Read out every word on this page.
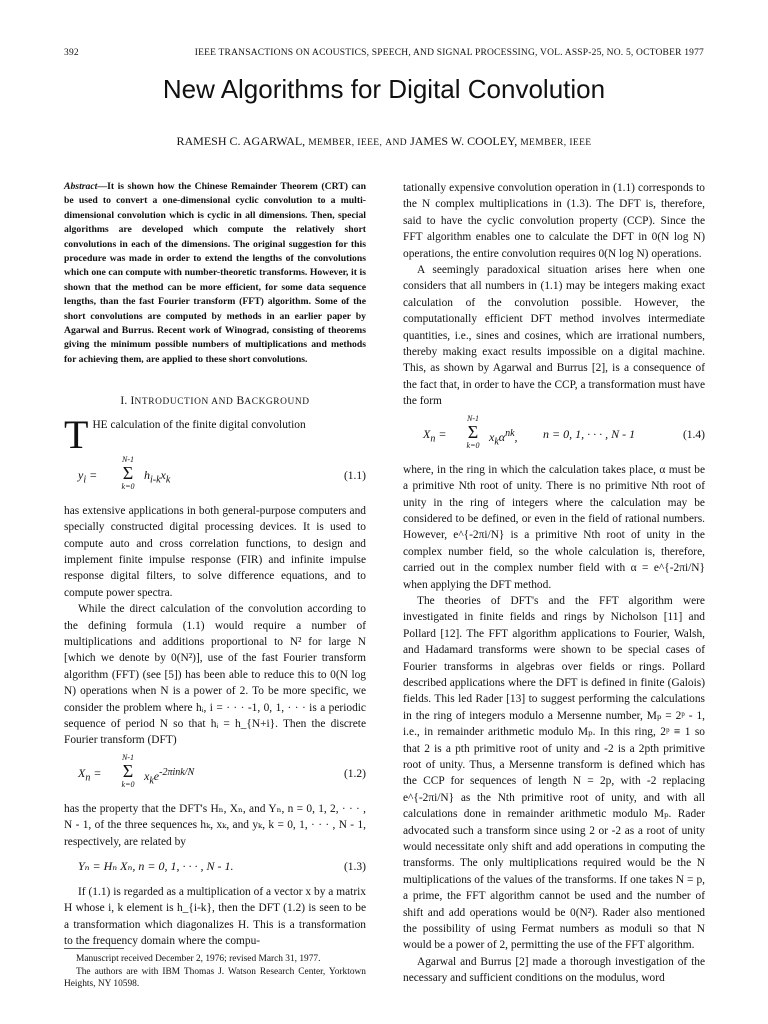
392	IEEE TRANSACTIONS ON ACOUSTICS, SPEECH, AND SIGNAL PROCESSING, VOL. ASSP-25, NO. 5, OCTOBER 1977
New Algorithms for Digital Convolution
RAMESH C. AGARWAL, MEMBER, IEEE, AND JAMES W. COOLEY, MEMBER, IEEE

Abstract—It is shown how the Chinese Remainder Theorem (CRT) can be used to convert a one-dimensional cyclic convolution to a multi-dimensional convolution which is cyclic in all dimensions. Then, special algorithms are developed which compute the relatively short convolutions in each of the dimensions. The original suggestion for this procedure was made in order to extend the lengths of the convolutions which one can compute with number-theoretic transforms. However, it is shown that the method can be more efficient, for some data sequence lengths, than the fast Fourier transform (FFT) algorithm. Some of the short convolutions are computed by methods in an earlier paper by Agarwal and Burrus. Recent work of Winograd, consisting of theorems giving the minimum possible numbers of multiplications and methods for achieving them, are applied to these short convolutions.

I. INTRODUCTION AND BACKGROUND
T HE calculation of the finite digital convolution

$y_i$ =
N-1
Σ
k=0
$h_{i-k}x_k$	(1.1)

has extensive applications in both general-purpose computers and specially constructed digital processing devices. It is used to compute auto and cross correlation functions, to design and implement finite impulse response (FIR) and infinite impulse response digital filters, to solve difference equations, and to compute power spectra.

While the direct calculation of the convolution according to the defining formula (1.1) would require a number of multiplications and additions proportional to N² for large N [which we denote by 0(N²)], use of the fast Fourier transform algorithm (FFT) (see [5]) has been able to reduce this to 0(N log N) operations when N is a power of 2. To be more specific, we consider the problem where hᵢ, i = · · · -1, 0, 1, · · · is a periodic sequence of period N so that hᵢ = h_{N+i}. Then the discrete Fourier transform (DFT)

$X_n$ =
N-1
Σ
k=0
$x_ke^{-2\pi ink/N}$	(1.2)

has the property that the DFT's Hₙ, Xₙ, and Yₙ, n = 0, 1, 2, · · · , N - 1, of the three sequences hₖ, xₖ, and yₖ, k = 0, 1, · · · , N - 1, respectively, are related by

Yₙ = Hₙ Xₙ, n = 0, 1, · · · , N - 1.	(1.3)

If (1.1) is regarded as a multiplication of a vector x by a matrix H whose i, k element is h_{i-k}, then the DFT (1.2) is seen to be a transformation which diagonalizes H. This is a transformation to the frequency domain where the compu-

Manuscript received December 2, 1976; revised March 31, 1977.

The authors are with IBM Thomas J. Watson Research Center, Yorktown Heights, NY 10598.

tationally expensive convolution operation in (1.1) corresponds to the N complex multiplications in (1.3). The DFT is, therefore, said to have the cyclic convolution property (CCP). Since the FFT algorithm enables one to calculate the DFT in 0(N log N) operations, the entire convolution requires 0(N log N) operations.

A seemingly paradoxical situation arises here when one considers that all numbers in (1.1) may be integers making exact calculation of the convolution possible. However, the computationally efficient DFT method involves intermediate quantities, i.e., sines and cosines, which are irrational numbers, thereby making exact results impossible on a digital machine. This, as shown by Agarwal and Burrus [2], is a consequence of the fact that, in order to have the CCP, a transformation must have the form

$X_n$ =
N-1
Σ
k=0
$x_k\alpha^{nk}$, n = 0, 1, · · · , N - 1	(1.4)

where, in the ring in which the calculation takes place, α must be a primitive Nth root of unity. There is no primitive Nth root of unity in the ring of integers where the calculation may be considered to be defined, or even in the field of rational numbers. However, e^{-2πi/N} is a primitive Nth root of unity in the complex number field, so the whole calculation is, therefore, carried out in the complex number field with α = e^{-2πi/N} when applying the DFT method.

The theories of DFT's and the FFT algorithm were investigated in finite fields and rings by Nicholson [11] and Pollard [12]. The FFT algorithm applications to Fourier, Walsh, and Hadamard transforms were shown to be special cases of Fourier transforms in algebras over fields or rings. Pollard described applications where the DFT is defined in finite (Galois) fields. This led Rader [13] to suggest performing the calculations in the ring of integers modulo a Mersenne number, Mₚ = 2ᵖ - 1, i.e., in remainder arithmetic modulo Mₚ. In this ring, 2ᵖ ≡ 1 so that 2 is a pth primitive root of unity and -2 is a 2pth primitive root of unity. Thus, a Mersenne transform is defined which has the CCP for sequences of length N = 2p, with -2 replacing e^{-2πi/N} as the Nth primitive root of unity, and with all calculations done in remainder arithmetic modulo Mₚ. Rader advocated such a transform since using 2 or -2 as a root of unity would necessitate only shift and add operations in computing the transforms. The only multiplications required would be the N multiplications of the values of the transforms. If one takes N = p, a prime, the FFT algorithm cannot be used and the number of shift and add operations would be 0(N²). Rader also mentioned the possibility of using Fermat numbers as moduli so that N would be a power of 2, permitting the use of the FFT algorithm.

Agarwal and Burrus [2] made a thorough investigation of the necessary and sufficient conditions on the modulus, word
